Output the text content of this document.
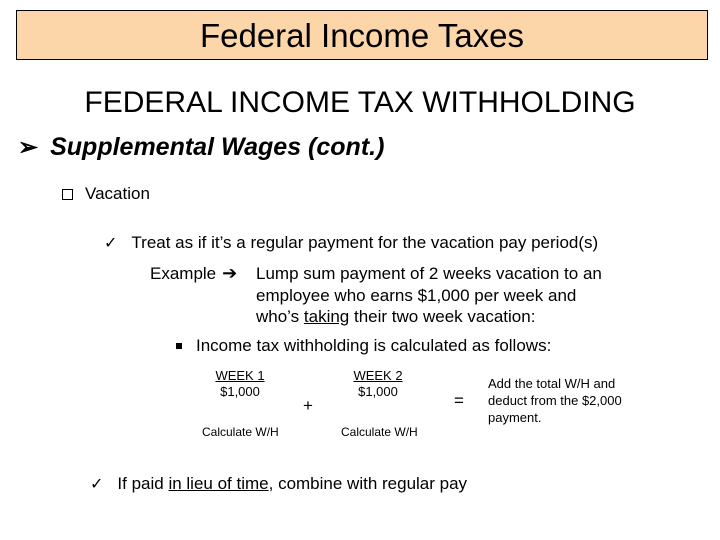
Federal Income Taxes
FEDERAL INCOME TAX WITHHOLDING
➢ Supplemental Wages (cont.)
Vacation
✓ Treat as if it’s a regular payment for the vacation pay period(s)
Example ➔ Lump sum payment of 2 weeks vacation to an
employee who earns $1,000 per week and
who’s taking their two week vacation:
Income tax withholding is calculated as follows:
WEEK 1
$1,000
Calculate W/H
+
WEEK 2
$1,000
Calculate W/H
=
Add the total W/H and deduct from the $2,000 payment.
✓ If paid
in lieu of time , combine with regular pay
